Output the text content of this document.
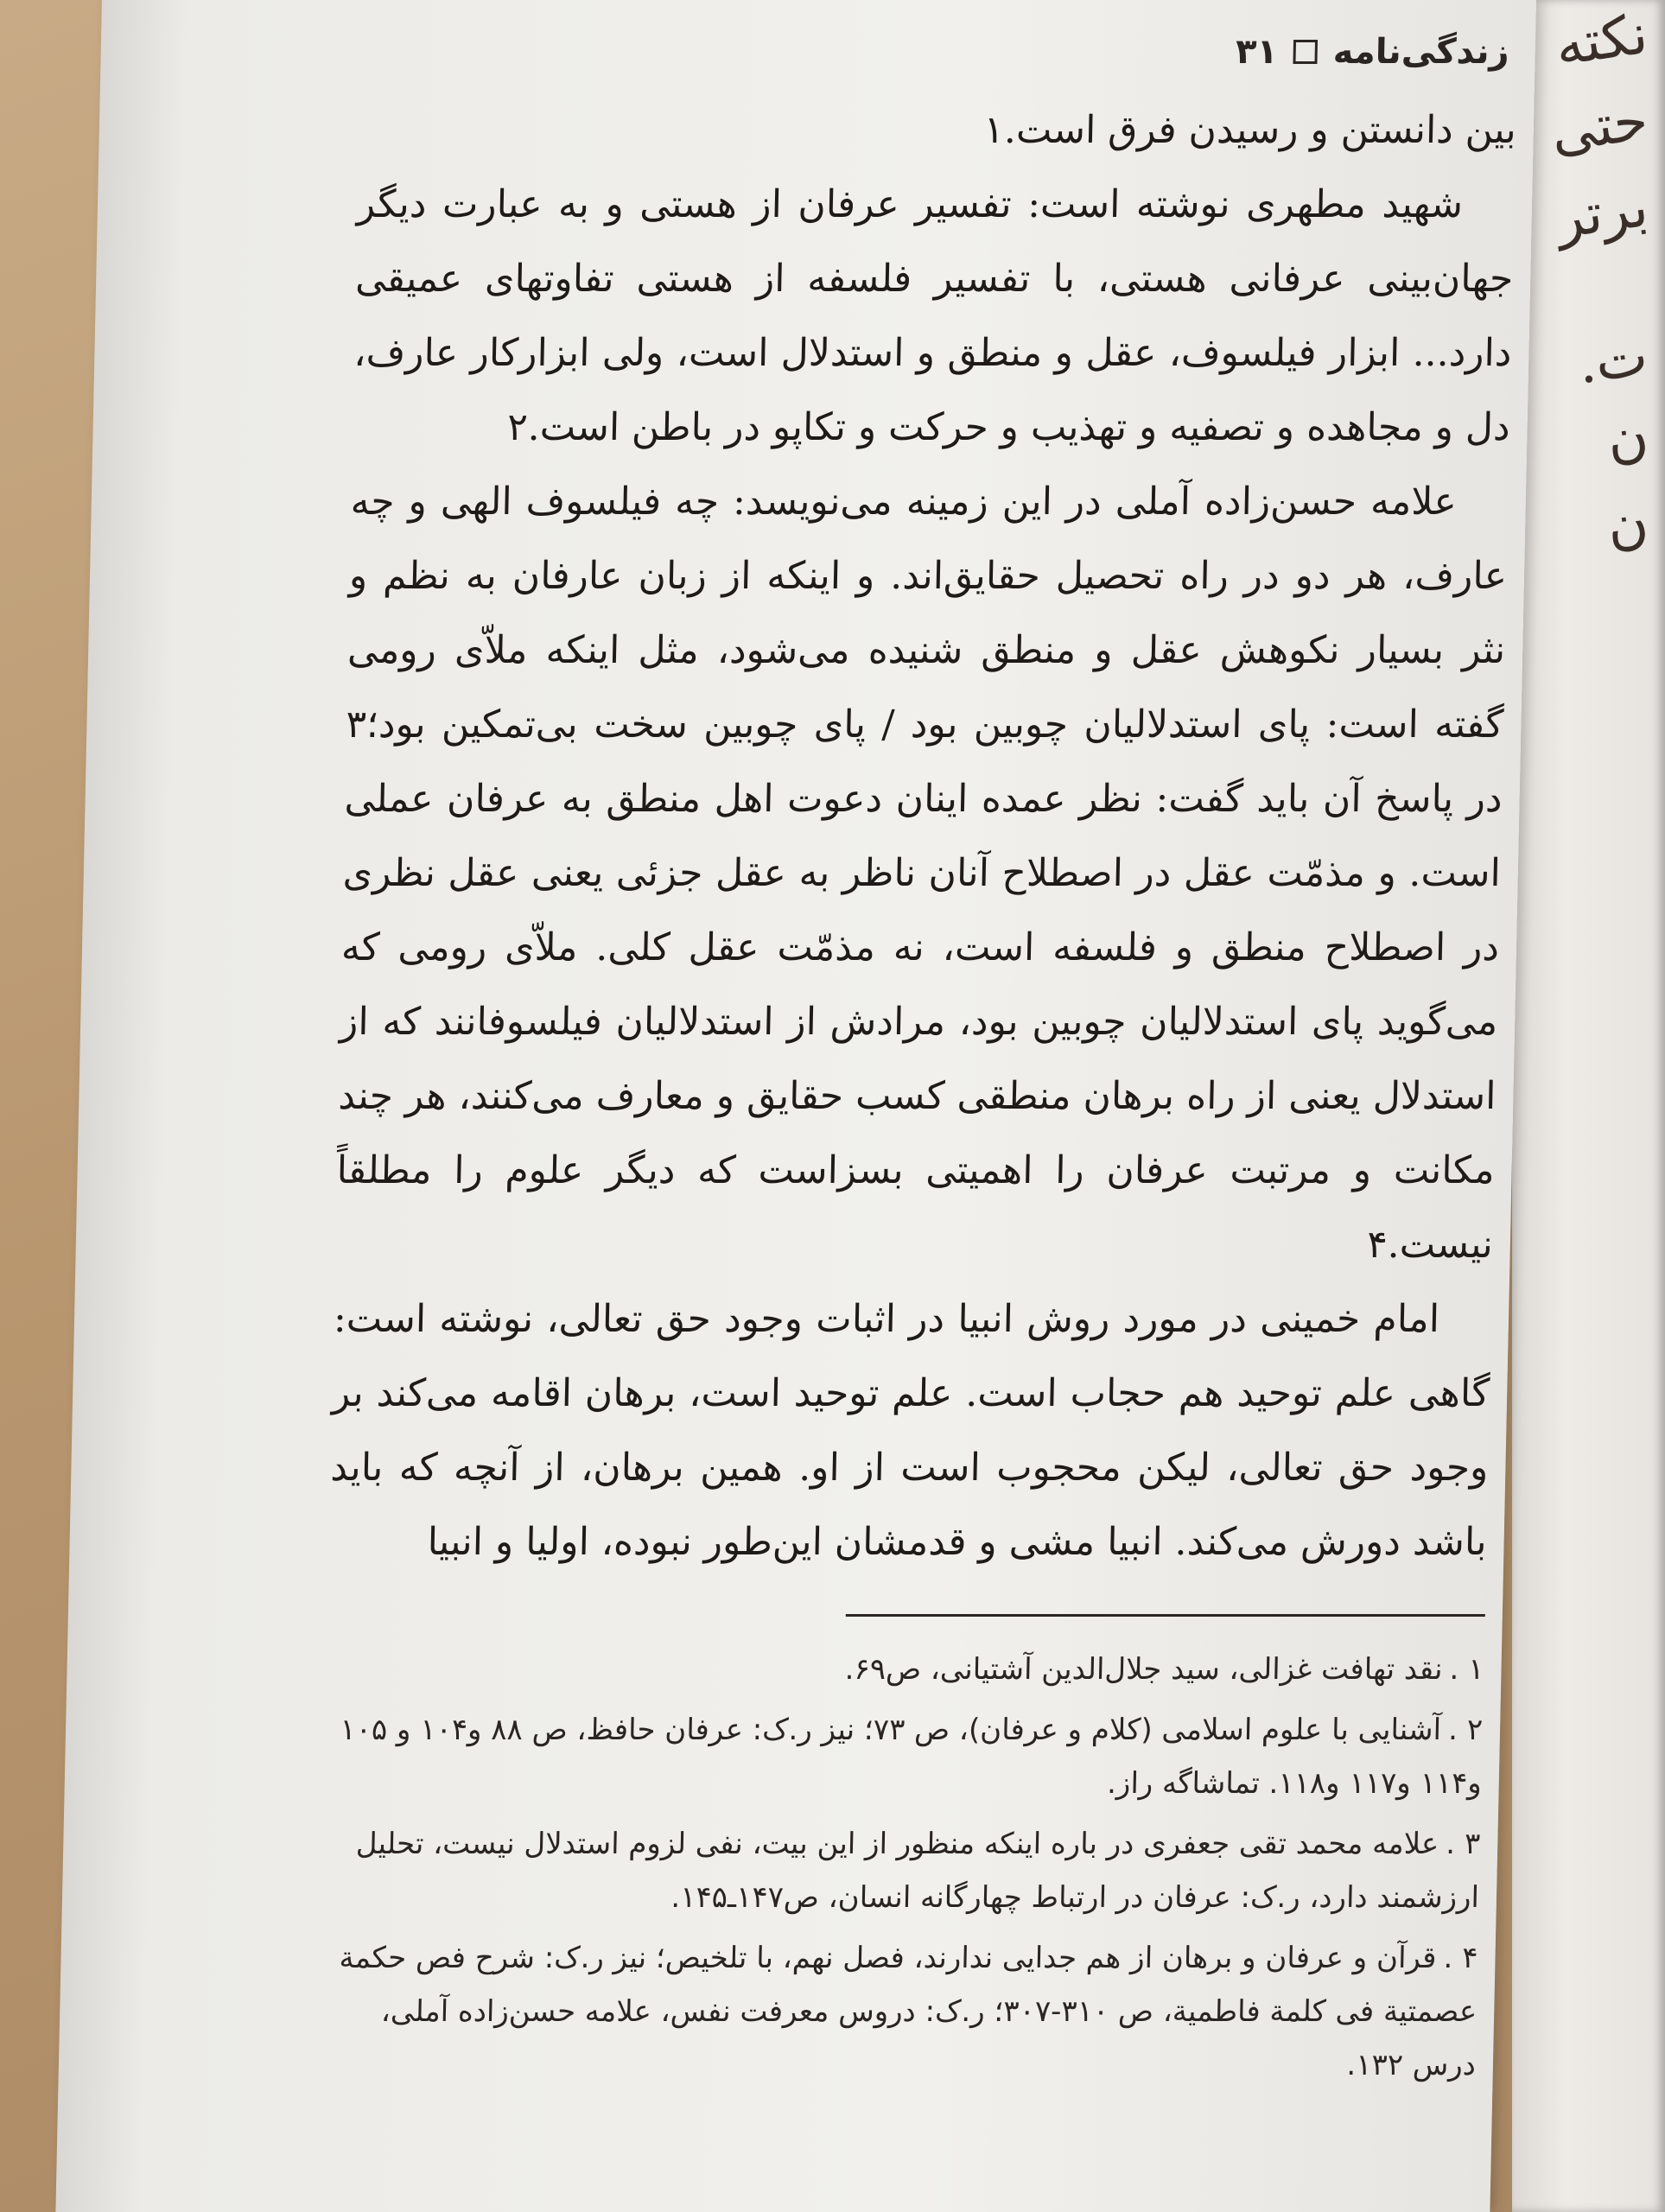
نکته
حتی
برتر
ت.
ن
ن
زندگی‌نامه
۳۱

بین دانستن و رسیدن فرق است.۱

شهید مطهری نوشته است: تفسیر عرفان از هستی و به عبارت دیگر جهان‌بینی عرفانی هستی، با تفسیر فلسفه از هستی تفاوتهای عمیقی دارد... ابزار فیلسوف، عقل و منطق و استدلال است، ولی ابزارکار عارف، دل و مجاهده و تصفیه و تهذیب و حرکت و تکاپو در باطن است.۲

علامه حسن‌زاده آملی در این زمینه می‌نویسد: چه فیلسوف الهی و چه عارف، هر دو در راه تحصیل حقایق‌اند. و اینکه از زبان عارفان به نظم و نثر بسیار نکوهش عقل و منطق شنیده می‌شود، مثل اینکه ملاّی رومی گفته است: پای استدلالیان چوبین بود / پای چوبین سخت بی‌تمکین بود؛۳ در پاسخ آن باید گفت: نظر عمده اینان دعوت اهل منطق به عرفان عملی است. و مذمّت عقل در اصطلاح آنان ناظر به عقل جزئی یعنی عقل نظری در اصطلاح منطق و فلسفه است، نه مذمّت عقل کلی. ملاّی رومی که می‌گوید پای استدلالیان چوبین بود، مرادش از استدلالیان فیلسوفانند که از استدلال یعنی از راه برهان منطقی کسب حقایق و معارف می‌کنند، هر چند مکانت و مرتبت عرفان را اهمیتی بسزاست که دیگر علوم را مطلقاً نیست.۴

امام خمینی در مورد روش انبیا در اثبات وجود حق تعالی، نوشته است: گاهی علم توحید هم حجاب است. علم توحید است، برهان اقامه می‌کند بر وجود حق تعالی، لیکن محجوب است از او. همین برهان، از آنچه که باید باشد دورش می‌کند. انبیا مشی و قدمشان این‌طور نبوده، اولیا و انبیا

۱ .نقد تهافت غزالی، سید جلال‌الدین آشتیانی، ص۶۹.
۲ .آشنایی با علوم اسلامی (کلام و عرفان)، ص ۷۳؛ نیز ر.ک: عرفان حافظ، ص ۸۸ و۱۰۴ و ۱۰۵ و۱۱۴ و۱۱۷ و۱۱۸. تماشاگه راز.
۳ .علامه محمد تقی جعفری در باره اینکه منظور از این بیت، نفی لزوم استدلال نیست، تحلیل ارزشمند دارد، ر.ک: عرفان در ارتباط چهارگانه انسان، ص۱۴۷ـ۱۴۵.
۴ .قرآن و عرفان و برهان از هم جدایی ندارند، فصل نهم، با تلخیص؛ نیز ر.ک: شرح فص حکمة عصمتیة فی کلمة فاطمیة، ص ۳۱۰-۳۰۷؛ ر.ک: دروس معرفت نفس، علامه حسن‌زاده آملی، درس ۱۳۲.
